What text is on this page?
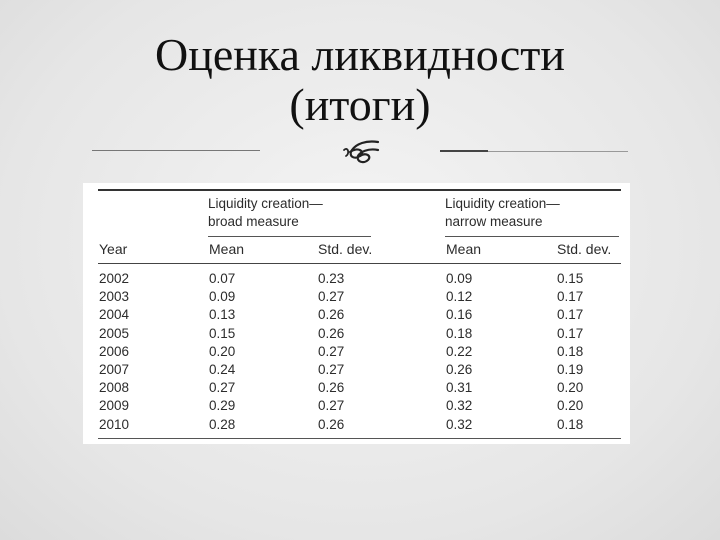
Оценка ликвидности
(итоги)
Liquidity creation—
broad measure
Liquidity creation—
narrow measure
Year	Mean	Std. dev.	Mean	Std. dev.
2002	0.07	0.23	0.09	0.15
2003	0.09	0.27	0.12	0.17
2004	0.13	0.26	0.16	0.17
2005	0.15	0.26	0.18	0.17
2006	0.20	0.27	0.22	0.18
2007	0.24	0.27	0.26	0.19
2008	0.27	0.26	0.31	0.20
2009	0.29	0.27	0.32	0.20
2010	0.28	0.26	0.32	0.18
